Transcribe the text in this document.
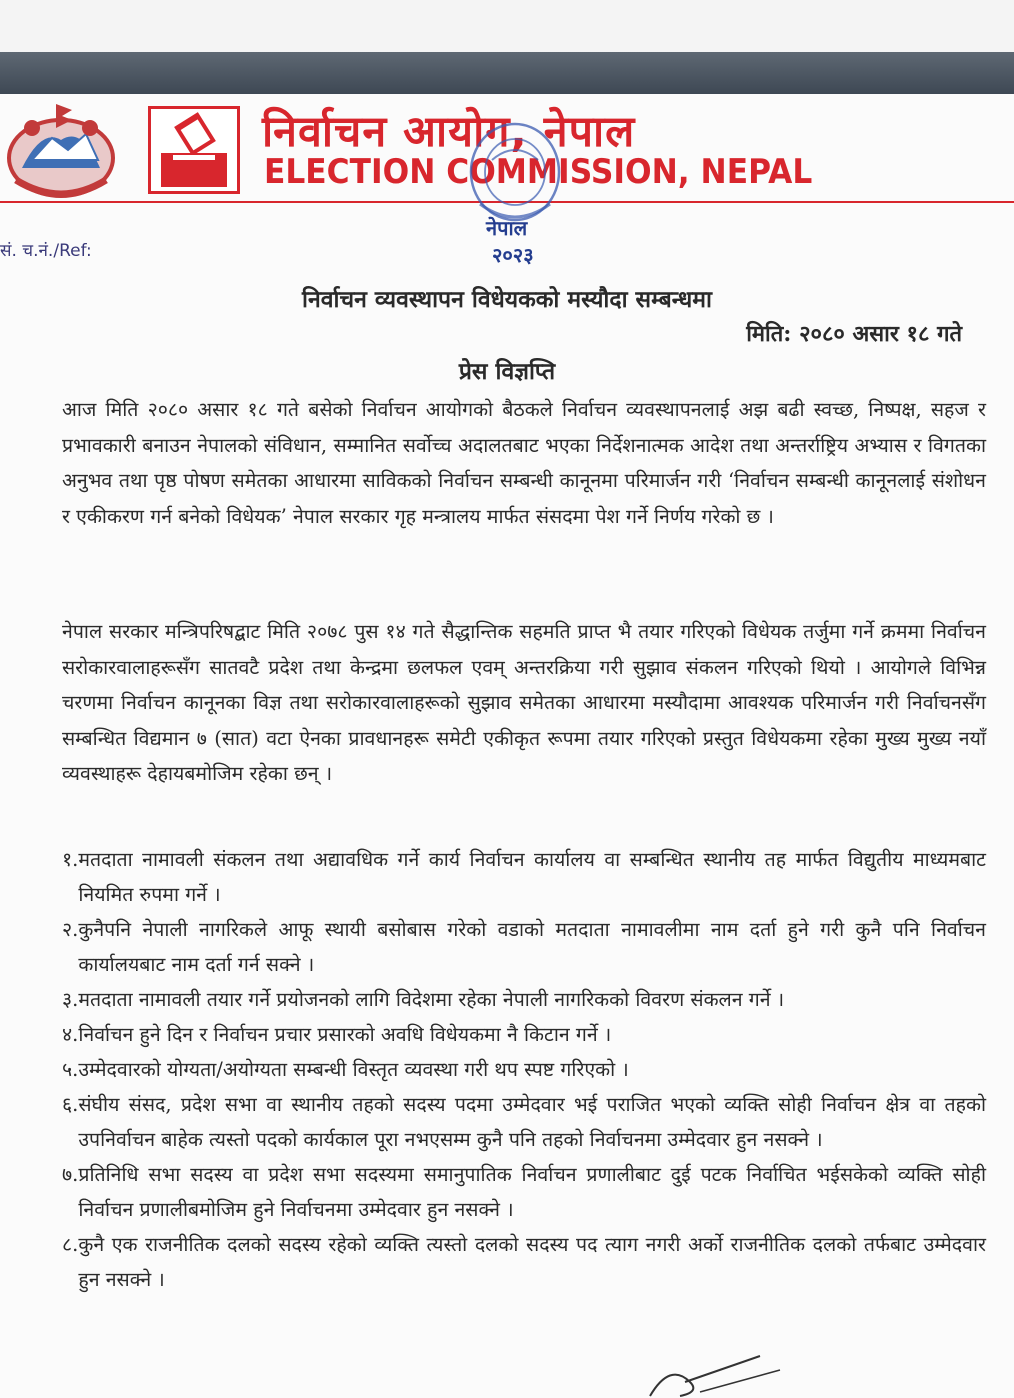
निर्वाचन आयोग, नेपाल
ELECTION COMMISSION, NEPAL
नेपाल
२०२३
सं. च.नं./Ref:
निर्वाचन व्यवस्थापन विधेयकको मस्यौदा सम्बन्धमा
मिति: २०८० असार १८ गते
प्रेस विज्ञप्ति
आज मिति २०८० असार १८ गते बसेको निर्वाचन आयोगको बैठकले निर्वाचन व्यवस्थापनलाई अझ बढी स्वच्छ, निष्पक्ष, सहज र प्रभावकारी बनाउन नेपालको संविधान, सम्मानित सर्वोच्च अदालतबाट भएका निर्देशनात्मक आदेश तथा अन्तर्राष्ट्रिय अभ्यास र विगतका अनुभव तथा पृष्ठ पोषण समेतका आधारमा साविकको निर्वाचन सम्बन्धी कानूनमा परिमार्जन गरी ‘निर्वाचन सम्बन्धी कानूनलाई संशोधन र एकीकरण गर्न बनेको विधेयक’ नेपाल सरकार गृह मन्त्रालय मार्फत संसदमा पेश गर्ने निर्णय गरेको छ ।
नेपाल सरकार मन्त्रिपरिषद्बाट मिति २०७८ पुस १४ गते सैद्धान्तिक सहमति प्राप्त भै तयार गरिएको विधेयक तर्जुमा गर्ने क्रममा निर्वाचन सरोकारवालाहरूसँग सातवटै प्रदेश तथा केन्द्रमा छलफल एवम् अन्तरक्रिया गरी सुझाव संकलन गरिएको थियो । आयोगले विभिन्न चरणमा निर्वाचन कानूनका विज्ञ तथा सरोकारवालाहरूको सुझाव समेतका आधारमा मस्यौदामा आवश्यक परिमार्जन गरी निर्वाचनसँग सम्बन्धित विद्यमान ७ (सात) वटा ऐनका प्रावधानहरू समेटी एकीकृत रूपमा तयार गरिएको प्रस्तुत विधेयकमा रहेका मुख्य मुख्य नयाँ व्यवस्थाहरू देहायबमोजिम रहेका छन् ।
१. मतदाता नामावली संकलन तथा अद्यावधिक गर्ने कार्य निर्वाचन कार्यालय वा सम्बन्धित स्थानीय तह मार्फत विद्युतीय माध्यमबाट नियमित रुपमा गर्ने ।
२. कुनैपनि नेपाली नागरिकले आफू स्थायी बसोबास गरेको वडाको मतदाता नामावलीमा नाम दर्ता हुने गरी कुनै पनि निर्वाचन कार्यालयबाट नाम दर्ता गर्न सक्ने ।
३. मतदाता नामावली तयार गर्ने प्रयोजनको लागि विदेशमा रहेका नेपाली नागरिकको विवरण संकलन गर्ने ।
४. निर्वाचन हुने दिन र निर्वाचन प्रचार प्रसारको अवधि विधेयकमा नै किटान गर्ने ।
५. उम्मेदवारको योग्यता/अयोग्यता सम्बन्धी विस्तृत व्यवस्था गरी थप स्पष्ट गरिएको ।
६. संघीय संसद, प्रदेश सभा वा स्थानीय तहको सदस्य पदमा उम्मेदवार भई पराजित भएको व्यक्ति सोही निर्वाचन क्षेत्र वा तहको उपनिर्वाचन बाहेक त्यस्तो पदको कार्यकाल पूरा नभएसम्म कुनै पनि तहको निर्वाचनमा उम्मेदवार हुन नसक्ने ।
७. प्रतिनिधि सभा सदस्य वा प्रदेश सभा सदस्यमा समानुपातिक निर्वाचन प्रणालीबाट दुई पटक निर्वाचित भईसकेको व्यक्ति सोही निर्वाचन प्रणालीबमोजिम हुने निर्वाचनमा उम्मेदवार हुन नसक्ने ।
८. कुनै एक राजनीतिक दलको सदस्य रहेको व्यक्ति त्यस्तो दलको सदस्य पद त्याग नगरी अर्को राजनीतिक दलको तर्फबाट उम्मेदवार हुन नसक्ने ।
